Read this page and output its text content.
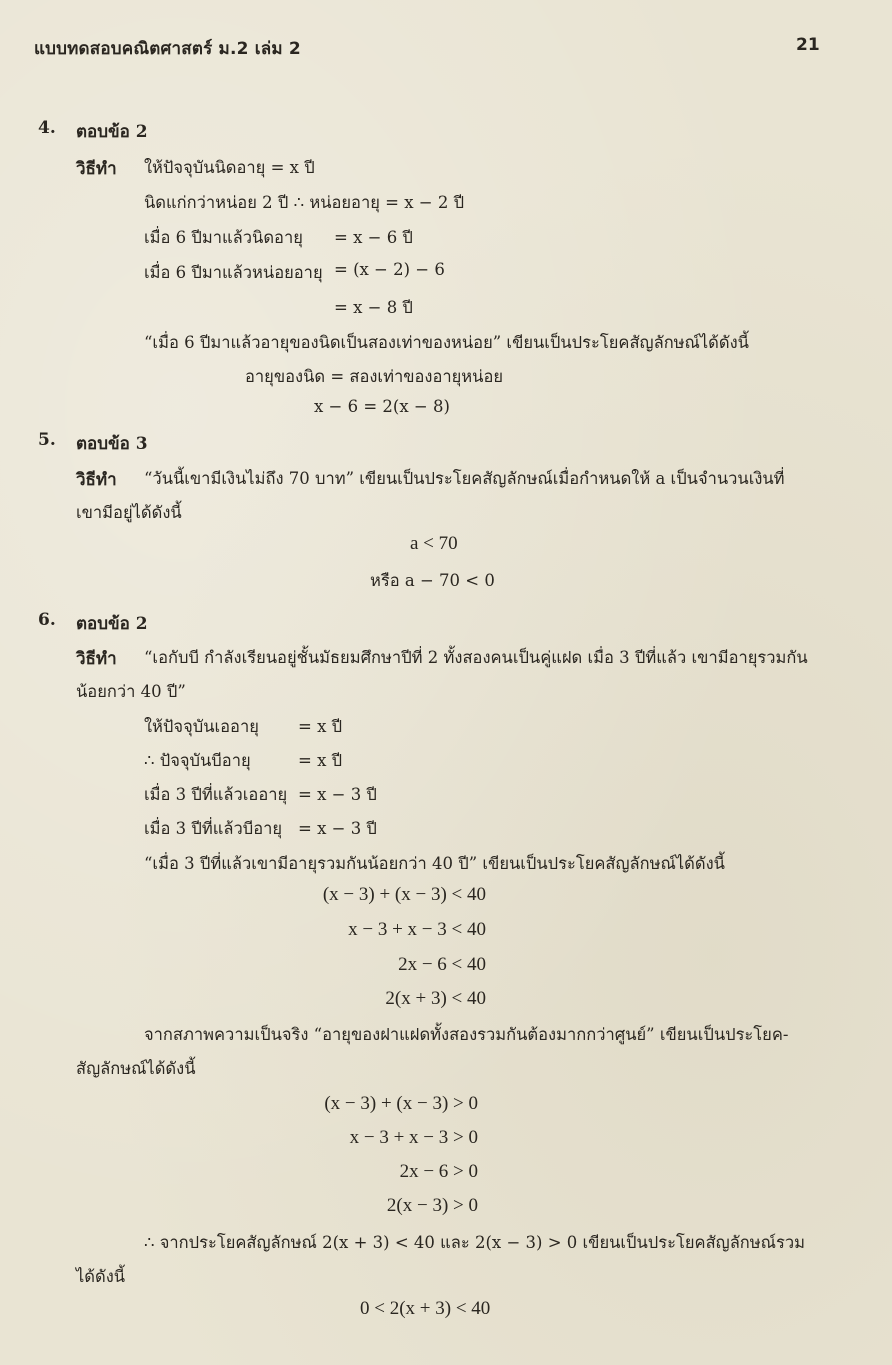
แบบทดสอบคณิตศาสตร์ ม.2 เล่ม 2	21
4. ตอบข้อ 2
วิธีทำ ให้ปัจจุบันนิดอายุ = x ปี
นิดแก่กว่าหน่อย 2 ปี ∴ หน่อยอายุ = x − 2 ปี
เมื่อ 6 ปีมาแล้วนิดอายุ = x − 6 ปี
เมื่อ 6 ปีมาแล้วหน่อยอายุ = (x − 2) − 6
= x − 8 ปี
“เมื่อ 6 ปีมาแล้วอายุของนิดเป็นสองเท่าของหน่อย” เขียนเป็นประโยคสัญลักษณ์ได้ดังนี้
อายุของนิด = สองเท่าของอายุหน่อย
x − 6 = 2(x − 8)
5. ตอบข้อ 3
วิธีทำ “วันนี้เขามีเงินไม่ถึง 70 บาท” เขียนเป็นประโยคสัญลักษณ์เมื่อกำหนดให้ a เป็นจำนวนเงินที่
เขามีอยู่ได้ดังนี้
a < 70
หรือ a − 70 < 0
6. ตอบข้อ 2
วิธีทำ “เอกับบี กำลังเรียนอยู่ชั้นมัธยมศึกษาปีที่ 2 ทั้งสองคนเป็นคู่แฝด เมื่อ 3 ปีที่แล้ว เขามีอายุรวมกัน
น้อยกว่า 40 ปี”
ให้ปัจจุบันเออายุ = x ปี
∴ ปัจจุบันบีอายุ	= x ปี
เมื่อ 3 ปีที่แล้วเออายุ = x − 3 ปี
เมื่อ 3 ปีที่แล้วบีอายุ = x − 3 ปี
“เมื่อ 3 ปีที่แล้วเขามีอายุรวมกันน้อยกว่า 40 ปี” เขียนเป็นประโยคสัญลักษณ์ได้ดังนี้
(x − 3) + (x − 3) < 40
x − 3 + x − 3 < 40
2x − 6 < 40
2(x + 3) < 40
จากสภาพความเป็นจริง “อายุของฝาแฝดทั้งสองรวมกันต้องมากกว่าศูนย์” เขียนเป็นประโยค-
สัญลักษณ์ได้ดังนี้
(x − 3) + (x − 3) > 0
x − 3 + x − 3 > 0
2x − 6 > 0
2(x − 3) > 0
∴ จากประโยคสัญลักษณ์ 2(x + 3) < 40 และ 2(x − 3) > 0 เขียนเป็นประโยคสัญลักษณ์รวม
ได้ดังนี้
0 < 2(x + 3) < 40
